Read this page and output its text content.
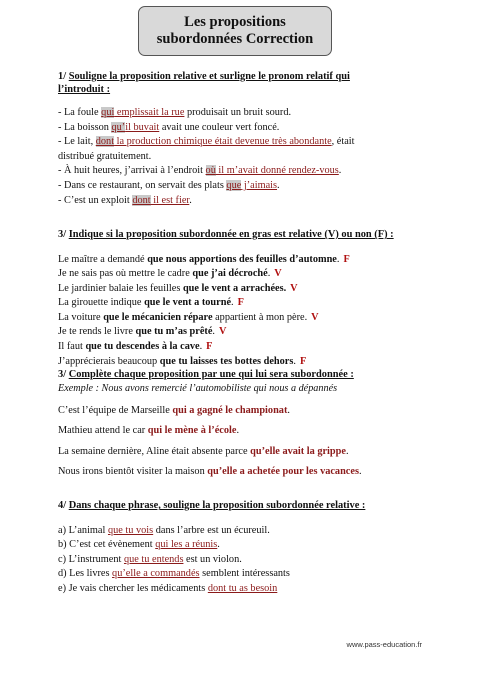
Les propositions
subordonnées Correction
1/ Souligne la proposition relative et surligne le pronom relatif qui
l’introduit :
- La foule qui emplissait la rue produisait un bruit sourd.
- La boisson qu’il buvait avait une couleur vert foncé.
- Le lait, dont la production chimique était devenue très abondante, était
distribué gratuitement.
- À huit heures, j’arrivai à l’endroit où il m’avait donné rendez-vous.
- Dans ce restaurant, on servait des plats que j’aimais.
- C’est un exploit dont il est fier.
3/ Indique si la proposition subordonnée en gras est relative (V) ou non (F) :
Le maître a demandé que nous apportions des feuilles d’automne. F
Je ne sais pas où mettre le cadre que j’ai décroché. V
Le jardinier balaie les feuilles que le vent a arrachées. V
La girouette indique que le vent a tourné. F
La voiture que le mécanicien répare appartient à mon père. V
Je te rends le livre que tu m’as prêté. V
Il faut que tu descendes à la cave. F
J’apprécierais beaucoup que tu laisses tes bottes dehors. F
3/ Complète chaque proposition par une qui lui sera subordonnée :
Exemple : Nous avons remercié l’automobiliste qui nous a dépannés
C’est l’équipe de Marseille qui a gagné le championat.
Mathieu attend le car qui le mène à l’école.
La semaine dernière, Aline était absente parce qu’elle avait la grippe.
Nous irons bientôt visiter la maison qu’elle a achetée pour les vacances.
4/ Dans chaque phrase, souligne la proposition subordonnée relative :
a) L’animal que tu vois dans l’arbre est un écureuil.
b) C’est cet évènement qui les a réunis.
c) L’instrument que tu entends est un violon.
d) Les livres qu’elle a commandés semblent intéressants
e) Je vais chercher les médicaments dont tu as besoin
www.pass-education.fr
